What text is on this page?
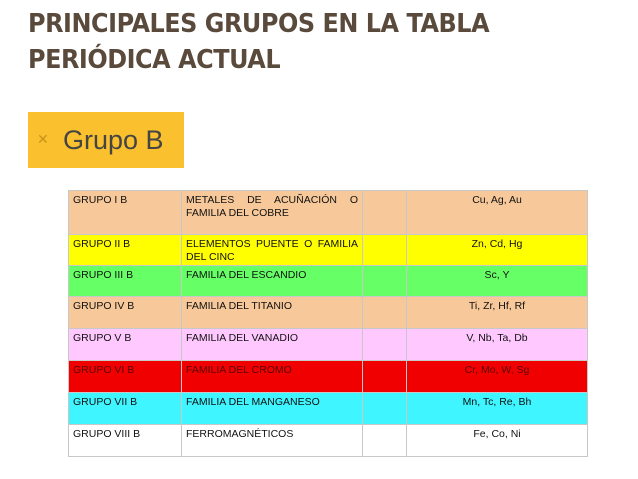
PRINCIPALES GRUPOS EN LA TABLA PERIÓDICA ACTUAL
✕ Grupo B
GRUPO I B	METALES DE ACUÑACIÓN O FAMILIA DEL COBRE		Cu, Ag, Au
GRUPO II B	ELEMENTOS PUENTE O FAMILIA DEL CINC		Zn, Cd, Hg
GRUPO III B	FAMILIA DEL ESCANDIO		Sc, Y
GRUPO IV B	FAMILIA DEL TITANIO		Ti, Zr, Hf, Rf
GRUPO V B	FAMILIA DEL VANADIO		V, Nb, Ta, Db
GRUPO VI B	FAMILIA DEL CROMO		Cr, Mo, W, Sg
GRUPO VII B	FAMILIA DEL MANGANESO		Mn, Tc, Re, Bh
GRUPO VIII B	FERROMAGNÉTICOS		Fe, Co, Ni
